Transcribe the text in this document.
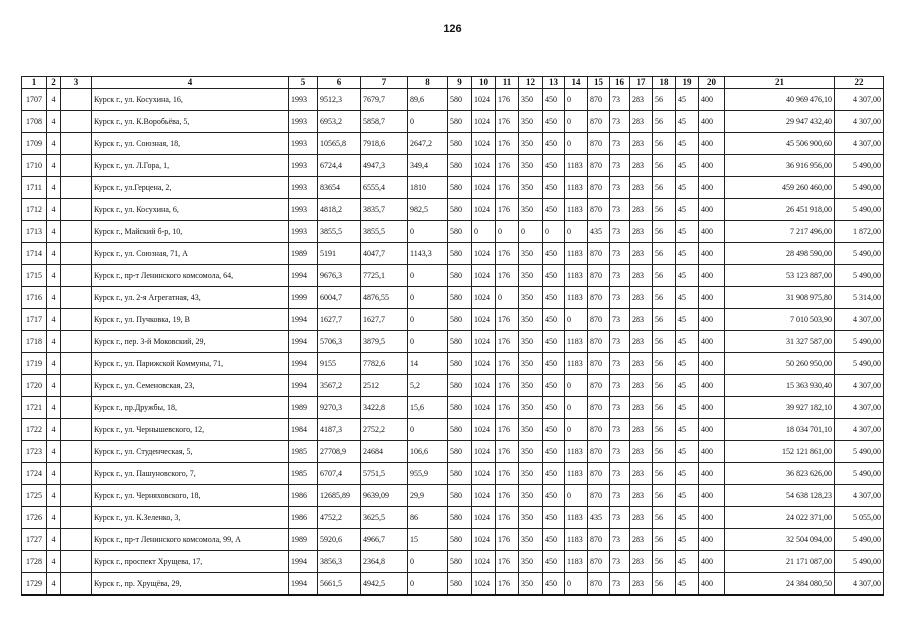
126
1	2	3	4	5	6	7	8	9	10	11	12	13	14	15	16	17	18	19	20	21	22
1707	4		Курск г., ул. Косухина, 16,	1993	9512,3	7679,7	89,6	580	1024	176	350	450	0	870	73	283	56	45	400	40 969 476,10	4 307,00
1708	4		Курск г., ул. К.Воробьёва, 5,	1993	6953,2	5858,7	0	580	1024	176	350	450	0	870	73	283	56	45	400	29 947 432,40	4 307,00
1709	4		Курск г., ул. Союзная, 18,	1993	10565,8	7918,6	2647,2	580	1024	176	350	450	0	870	73	283	56	45	400	45 506 900,60	4 307,00
1710	4		Курск г., ул. Л.Гора, 1,	1993	6724,4	4947,3	349,4	580	1024	176	350	450	1183	870	73	283	56	45	400	36 916 956,00	5 490,00
1711	4		Курск г., ул.Герцена, 2,	1993	83654	6555,4	1810	580	1024	176	350	450	1183	870	73	283	56	45	400	459 260 460,00	5 490,00
1712	4		Курск г., ул. Косухина, 6,	1993	4818,2	3835,7	982,5	580	1024	176	350	450	1183	870	73	283	56	45	400	26 451 918,00	5 490,00
1713	4		Курск г., Майский б-р, 10,	1993	3855,5	3855,5	0	580	0	0	0	0	0	435	73	283	56	45	400	7 217 496,00	1 872,00
1714	4		Курск г., ул. Союзная, 71, А	1989	5191	4047,7	1143,3	580	1024	176	350	450	1183	870	73	283	56	45	400	28 498 590,00	5 490,00
1715	4		Курск г., пр-т Ленинского комсомола, 64,	1994	9676,3	7725,1	0	580	1024	176	350	450	1183	870	73	283	56	45	400	53 123 887,00	5 490,00
1716	4		Курск г., ул. 2-я Агрегатная, 43,	1999	6004,7	4876,55	0	580	1024	0	350	450	1183	870	73	283	56	45	400	31 908 975,80	5 314,00
1717	4		Курск г., ул. Пучковка, 19, В	1994	1627,7	1627,7	0	580	1024	176	350	450	0	870	73	283	56	45	400	7 010 503,90	4 307,00
1718	4		Курск г., пер. 3-й Моковский, 29,	1994	5706,3	3879,5	0	580	1024	176	350	450	1183	870	73	283	56	45	400	31 327 587,00	5 490,00
1719	4		Курск г., ул. Парижской Коммуны, 71,	1994	9155	7782,6	14	580	1024	176	350	450	1183	870	73	283	56	45	400	50 260 950,00	5 490,00
1720	4		Курск г., ул. Семеновская, 23,	1994	3567,2	2512	5,2	580	1024	176	350	450	0	870	73	283	56	45	400	15 363 930,40	4 307,00
1721	4		Курск г., пр.Дружбы, 18,	1989	9270,3	3422,8	15,6	580	1024	176	350	450	0	870	73	283	56	45	400	39 927 182,10	4 307,00
1722	4		Курск г., ул. Чернышевского, 12,	1984	4187,3	2752,2	0	580	1024	176	350	450	0	870	73	283	56	45	400	18 034 701,10	4 307,00
1723	4		Курск г., ул. Студенческая, 5,	1985	27708,9	24684	106,6	580	1024	176	350	450	1183	870	73	283	56	45	400	152 121 861,00	5 490,00
1724	4		Курск г., ул. Пашуновского, 7,	1985	6707,4	5751,5	955,9	580	1024	176	350	450	1183	870	73	283	56	45	400	36 823 626,00	5 490,00
1725	4		Курск г., ул. Черняховского, 18,	1986	12685,89	9639,09	29,9	580	1024	176	350	450	0	870	73	283	56	45	400	54 638 128,23	4 307,00
1726	4		Курск г., ул. К.Зеленко, 3,	1986	4752,2	3625,5	86	580	1024	176	350	450	1183	435	73	283	56	45	400	24 022 371,00	5 055,00
1727	4		Курск г., пр-т Ленинского комсомола, 99, А	1989	5920,6	4966,7	15	580	1024	176	350	450	1183	870	73	283	56	45	400	32 504 094,00	5 490,00
1728	4		Курск г., проспект Хрущева, 17,	1994	3856,3	2364,8	0	580	1024	176	350	450	1183	870	73	283	56	45	400	21 171 087,00	5 490,00
1729	4		Курск г., пр. Хрущёва, 29,	1994	5661,5	4942,5	0	580	1024	176	350	450	0	870	73	283	56	45	400	24 384 080,50	4 307,00
